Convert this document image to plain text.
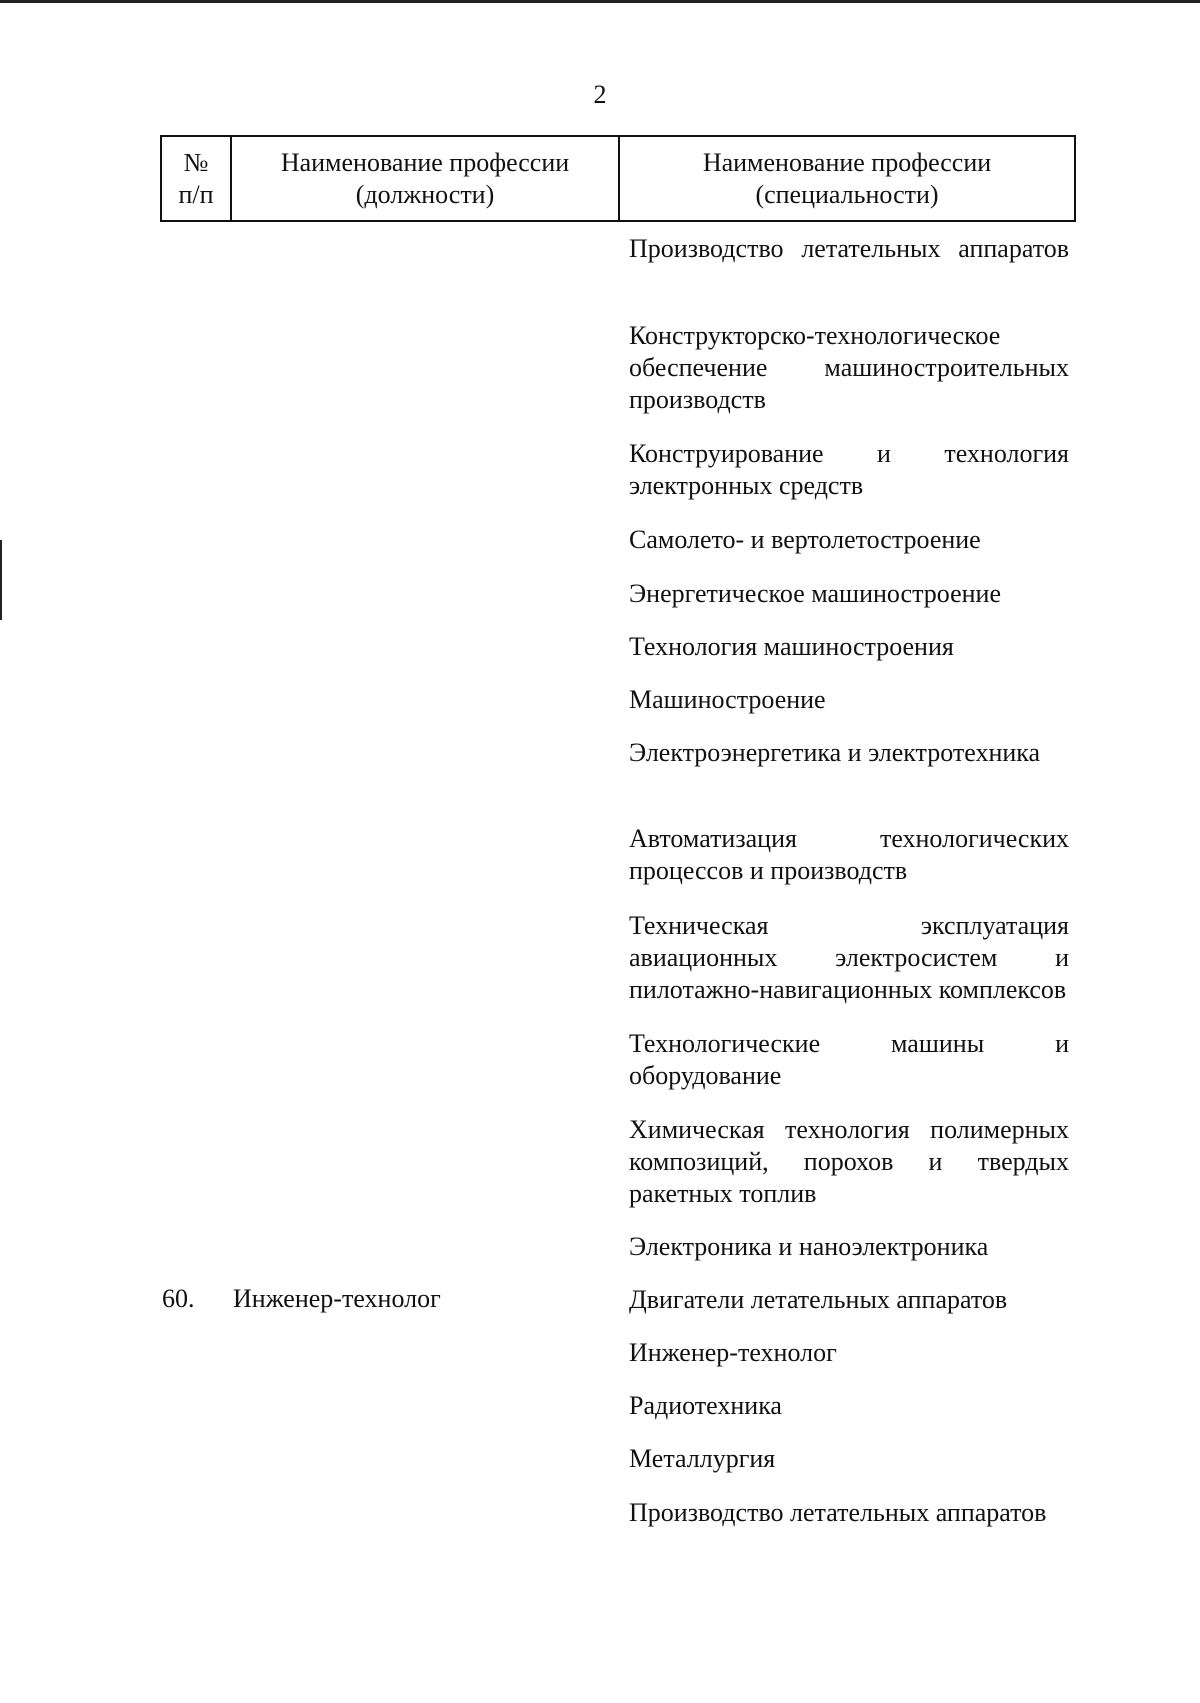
2
№
п/п
Наименование профессии
(должности)
Наименование профессии
(специальности)
60. Инженер-технолог
Производство летательных аппаратов
Конструкторско-технологическое обеспечение машиностроительных производств
Конструирование и технология электронных средств
Самолето- и вертолетостроение
Энергетическое машиностроение
Технология машиностроения
Машиностроение
Электроэнергетика и электротехника
Автоматизация технологических процессов и производств
Техническая эксплуатация авиационных электросистем и пилотажно-навигационных комплексов
Технологические машины и оборудование
Химическая технология полимерных композиций, порохов и твердых ракетных топлив
Электроника и наноэлектроника
Двигатели летательных аппаратов
Инженер-технолог
Радиотехника
Металлургия
Производство летательных аппаратов
